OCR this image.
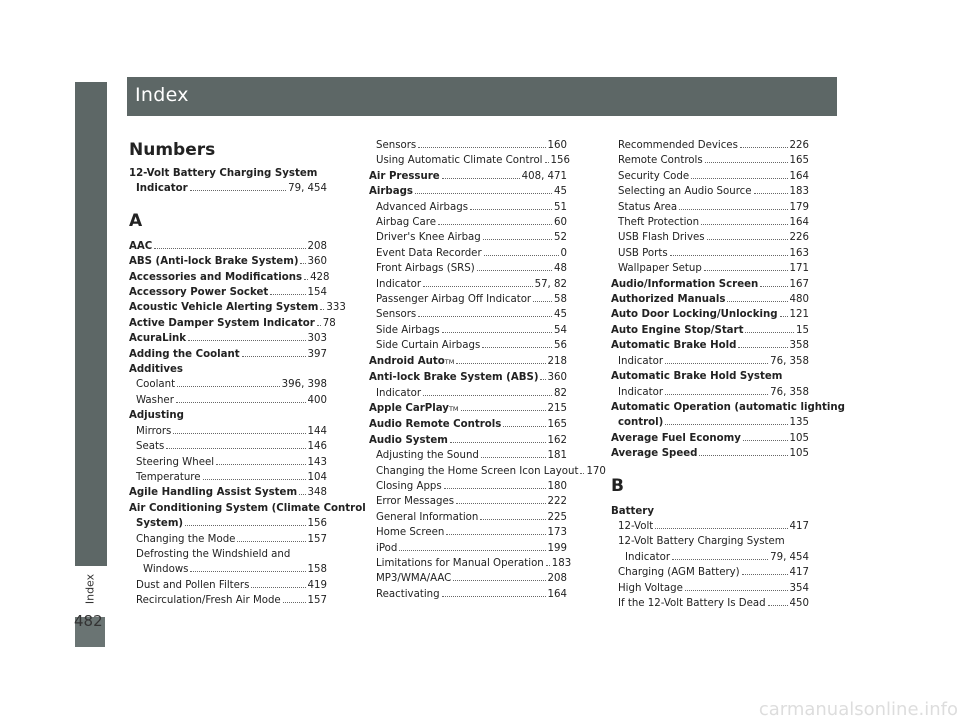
Index
Index
482
Numbers
12-Volt Battery Charging System
Indicator	79, 454
A
AAC	208
ABS (Anti-lock Brake System) 360
Accessories and Modifications 428
Accessory Power Socket	154
Acoustic Vehicle Alerting System 333
Active Damper System Indicator 78
AcuraLink	303
Adding the Coolant	397
Additives
Coolant	396, 398
Washer	400
Adjusting
Mirrors	144
Seats	146
Steering Wheel	143
Temperature	104
Agile Handling Assist System 348
Air Conditioning System (Climate Control
System)	156
Changing the Mode	157
Defrosting the Windshield and
Windows	158
Dust and Pollen Filters	419
Recirculation/Fresh Air Mode	157
Sensors	160
Using Automatic Climate Control 156
Air Pressure	408, 471
Airbags	45
Advanced Airbags	51
Airbag Care	60
Driver's Knee Airbag	52
Event Data Recorder	0
Front Airbags (SRS)	48
Indicator	57, 82
Passenger Airbag Off Indicator 58
Sensors	45
Side Airbags	54
Side Curtain Airbags	56
Android Auto TM	218
Anti-lock Brake System (ABS) 360
Indicator	82
Apple CarPlay TM	215
Audio Remote Controls	165
Audio System	162
Adjusting the Sound	181
Changing the Home Screen Icon Layout 170
Closing Apps	180
Error Messages	222
General Information	225
Home Screen	173
iPod	199
Limitations for Manual Operation 183
MP3/WMA/AAC	208
Reactivating	164
Recommended Devices	226
Remote Controls	165
Security Code	164
Selecting an Audio Source	183
Status Area	179
Theft Protection	164
USB Flash Drives	226
USB Ports	163
Wallpaper Setup	171
Audio/Information Screen	167
Authorized Manuals	480
Auto Door Locking/Unlocking 121
Auto Engine Stop/Start	15
Automatic Brake Hold	358
Indicator	76, 358
Automatic Brake Hold System
Indicator	76, 358
Automatic Operation (automatic lighting
control)	135
Average Fuel Economy	105
Average Speed	105
B
Battery
12-Volt	417
12-Volt Battery Charging System
Indicator	79, 454
Charging (AGM Battery)	417
High Voltage	354
If the 12-Volt Battery Is Dead 450
carmanualsonline.info
